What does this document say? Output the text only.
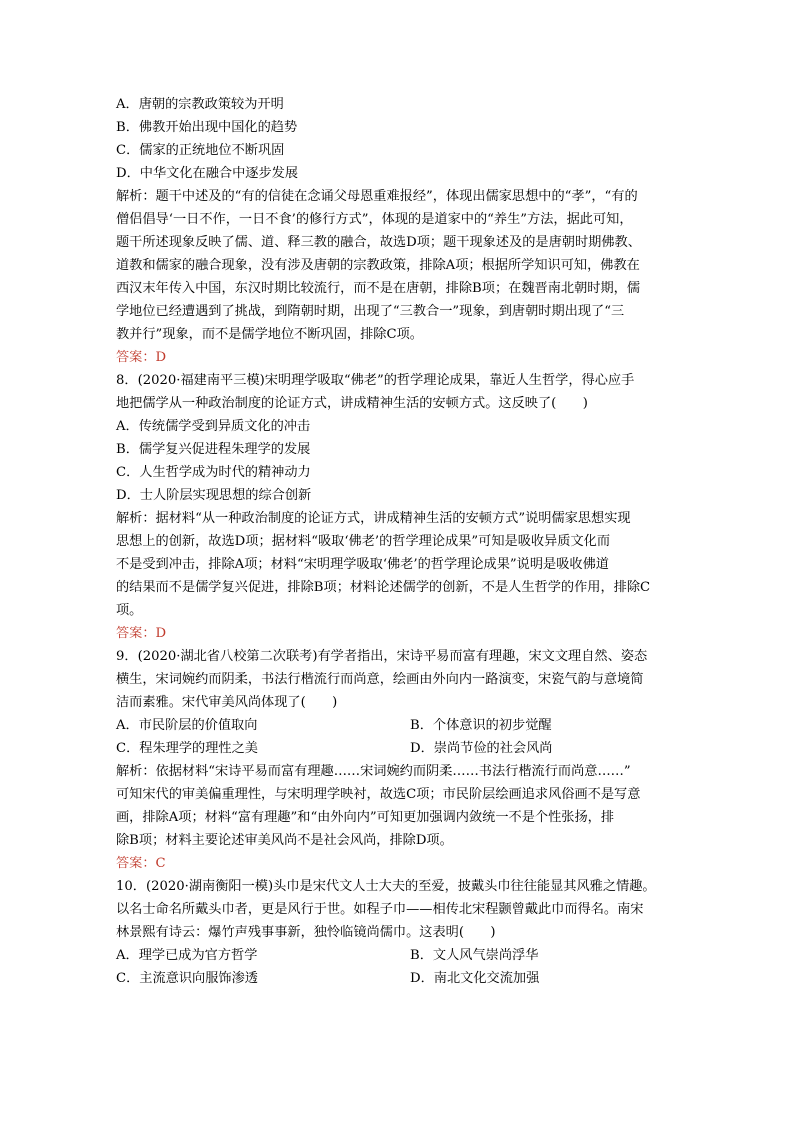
A．唐朝的宗教政策较为开明
B．佛教开始出现中国化的趋势
C．儒家的正统地位不断巩固
D．中华文化在融合中逐步发展
解析：题干中述及的“有的信徒在念诵父母恩重难报经”，体现出儒家思想中的“孝”，“有的
僧侣倡导‘一日不作，一日不食’的修行方式”，体现的是道家中的“养生”方法，据此可知，
题干所述现象反映了儒、道、释三教的融合，故选D项；题干现象述及的是唐朝时期佛教、
道教和儒家的融合现象，没有涉及唐朝的宗教政策，排除A项；根据所学知识可知，佛教在
西汉末年传入中国，东汉时期比较流行，而不是在唐朝，排除B项；在魏晋南北朝时期，儒
学地位已经遭遇到了挑战，到隋朝时期，出现了“三教合一”现象，到唐朝时期出现了“三
教并行”现象，而不是儒学地位不断巩固，排除C项。
答案：D
8．(2020·福建南平三模)宋明理学吸取“佛老”的哲学理论成果，靠近人生哲学，得心应手
地把儒学从一种政治制度的论证方式，讲成精神生活的安顿方式。这反映了(　　)
A．传统儒学受到异质文化的冲击
B．儒学复兴促进程朱理学的发展
C．人生哲学成为时代的精神动力
D．士人阶层实现思想的综合创新
解析：据材料“从一种政治制度的论证方式，讲成精神生活的安顿方式”说明儒家思想实现
思想上的创新，故选D项；据材料“吸取‘佛老’的哲学理论成果”可知是吸收异质文化而
不是受到冲击，排除A项；材料“宋明理学吸取‘佛老’的哲学理论成果”说明是吸收佛道
的结果而不是儒学复兴促进，排除B项；材料论述儒学的创新，不是人生哲学的作用，排除C
项。
答案：D
9．(2020·湖北省八校第二次联考)有学者指出，宋诗平易而富有理趣，宋文文理自然、姿态
横生，宋词婉约而阴柔，书法行楷流行而尚意，绘画由外向内一路演变，宋瓷气韵与意境简
洁而素雅。宋代审美风尚体现了(　　)
A．市民阶层的价值取向	B．个体意识的初步觉醒
C．程朱理学的理性之美	D．崇尚节俭的社会风尚
解析：依据材料“宋诗平易而富有理趣……宋词婉约而阴柔……书法行楷流行而尚意……”
可知宋代的审美偏重理性，与宋明理学映衬，故选C项；市民阶层绘画追求风俗画不是写意
画，排除A项；材料“富有理趣”和“由外向内”可知更加强调内敛统一不是个性张扬，排
除B项；材料主要论述审美风尚不是社会风尚，排除D项。
答案：C
10．(2020·湖南衡阳一模)头巾是宋代文人士大夫的至爱，披戴头巾往往能显其风雅之情趣。
以名士命名所戴头巾者，更是风行于世。如程子巾——相传北宋程颢曾戴此巾而得名。南宋
林景熙有诗云：爆竹声残事事新，独怜临镜尚儒巾。这表明(　　)
A．理学已成为官方哲学	B．文人风气崇尚浮华
C．主流意识向服饰渗透	D．南北文化交流加强
